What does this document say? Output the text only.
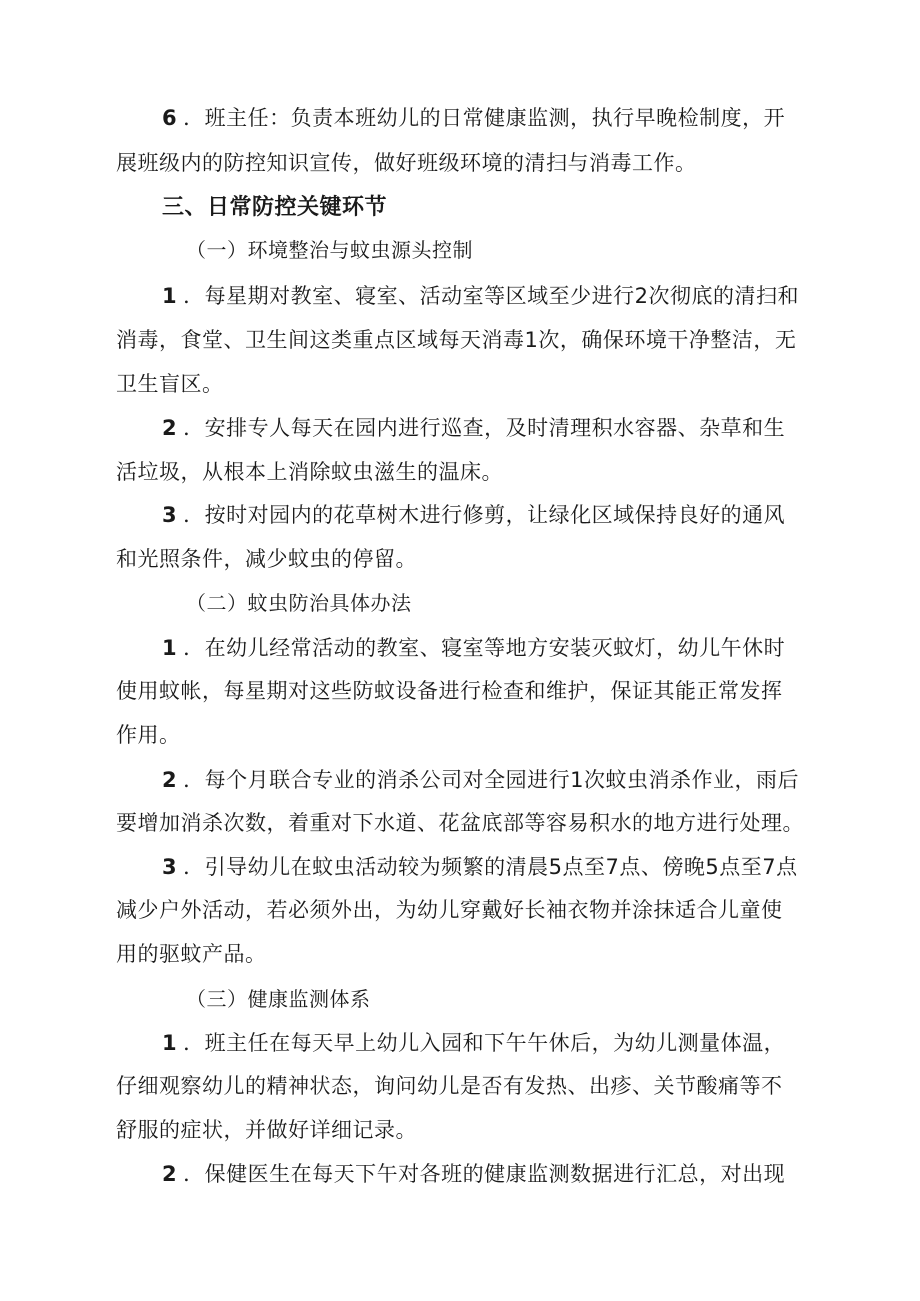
6 ．班主任：负责本班幼儿的日常健康监测，执行早晚检制度，开
展班级内的防控知识宣传，做好班级环境的清扫与消毒工作。
三、日常防控关键环节
（一）环境整治与蚊虫源头控制
1 ．每星期对教室、寝室、活动室等区域至少进行2次彻底的清扫和
消毒，食堂、卫生间这类重点区域每天消毒1次，确保环境干净整洁，无
卫生盲区。
2 ．安排专人每天在园内进行巡查，及时清理积水容器、杂草和生
活垃圾，从根本上消除蚊虫滋生的温床。
3 ．按时对园内的花草树木进行修剪，让绿化区域保持良好的通风
和光照条件，减少蚊虫的停留。
（二）蚊虫防治具体办法
1 ．在幼儿经常活动的教室、寝室等地方安装灭蚊灯，幼儿午休时
使用蚊帐，每星期对这些防蚊设备进行检查和维护，保证其能正常发挥
作用。
2 ．每个月联合专业的消杀公司对全园进行1次蚊虫消杀作业，雨后
要增加消杀次数，着重对下水道、花盆底部等容易积水的地方进行处理。
3 ．引导幼儿在蚊虫活动较为频繁的清晨5点至7点、傍晚5点至7点
减少户外活动，若必须外出，为幼儿穿戴好长袖衣物并涂抹适合儿童使
用的驱蚊产品。
（三）健康监测体系
1 ．班主任在每天早上幼儿入园和下午午休后，为幼儿测量体温，
仔细观察幼儿的精神状态，询问幼儿是否有发热、出疹、关节酸痛等不
舒服的症状，并做好详细记录。
2 ．保健医生在每天下午对各班的健康监测数据进行汇总，对出现
